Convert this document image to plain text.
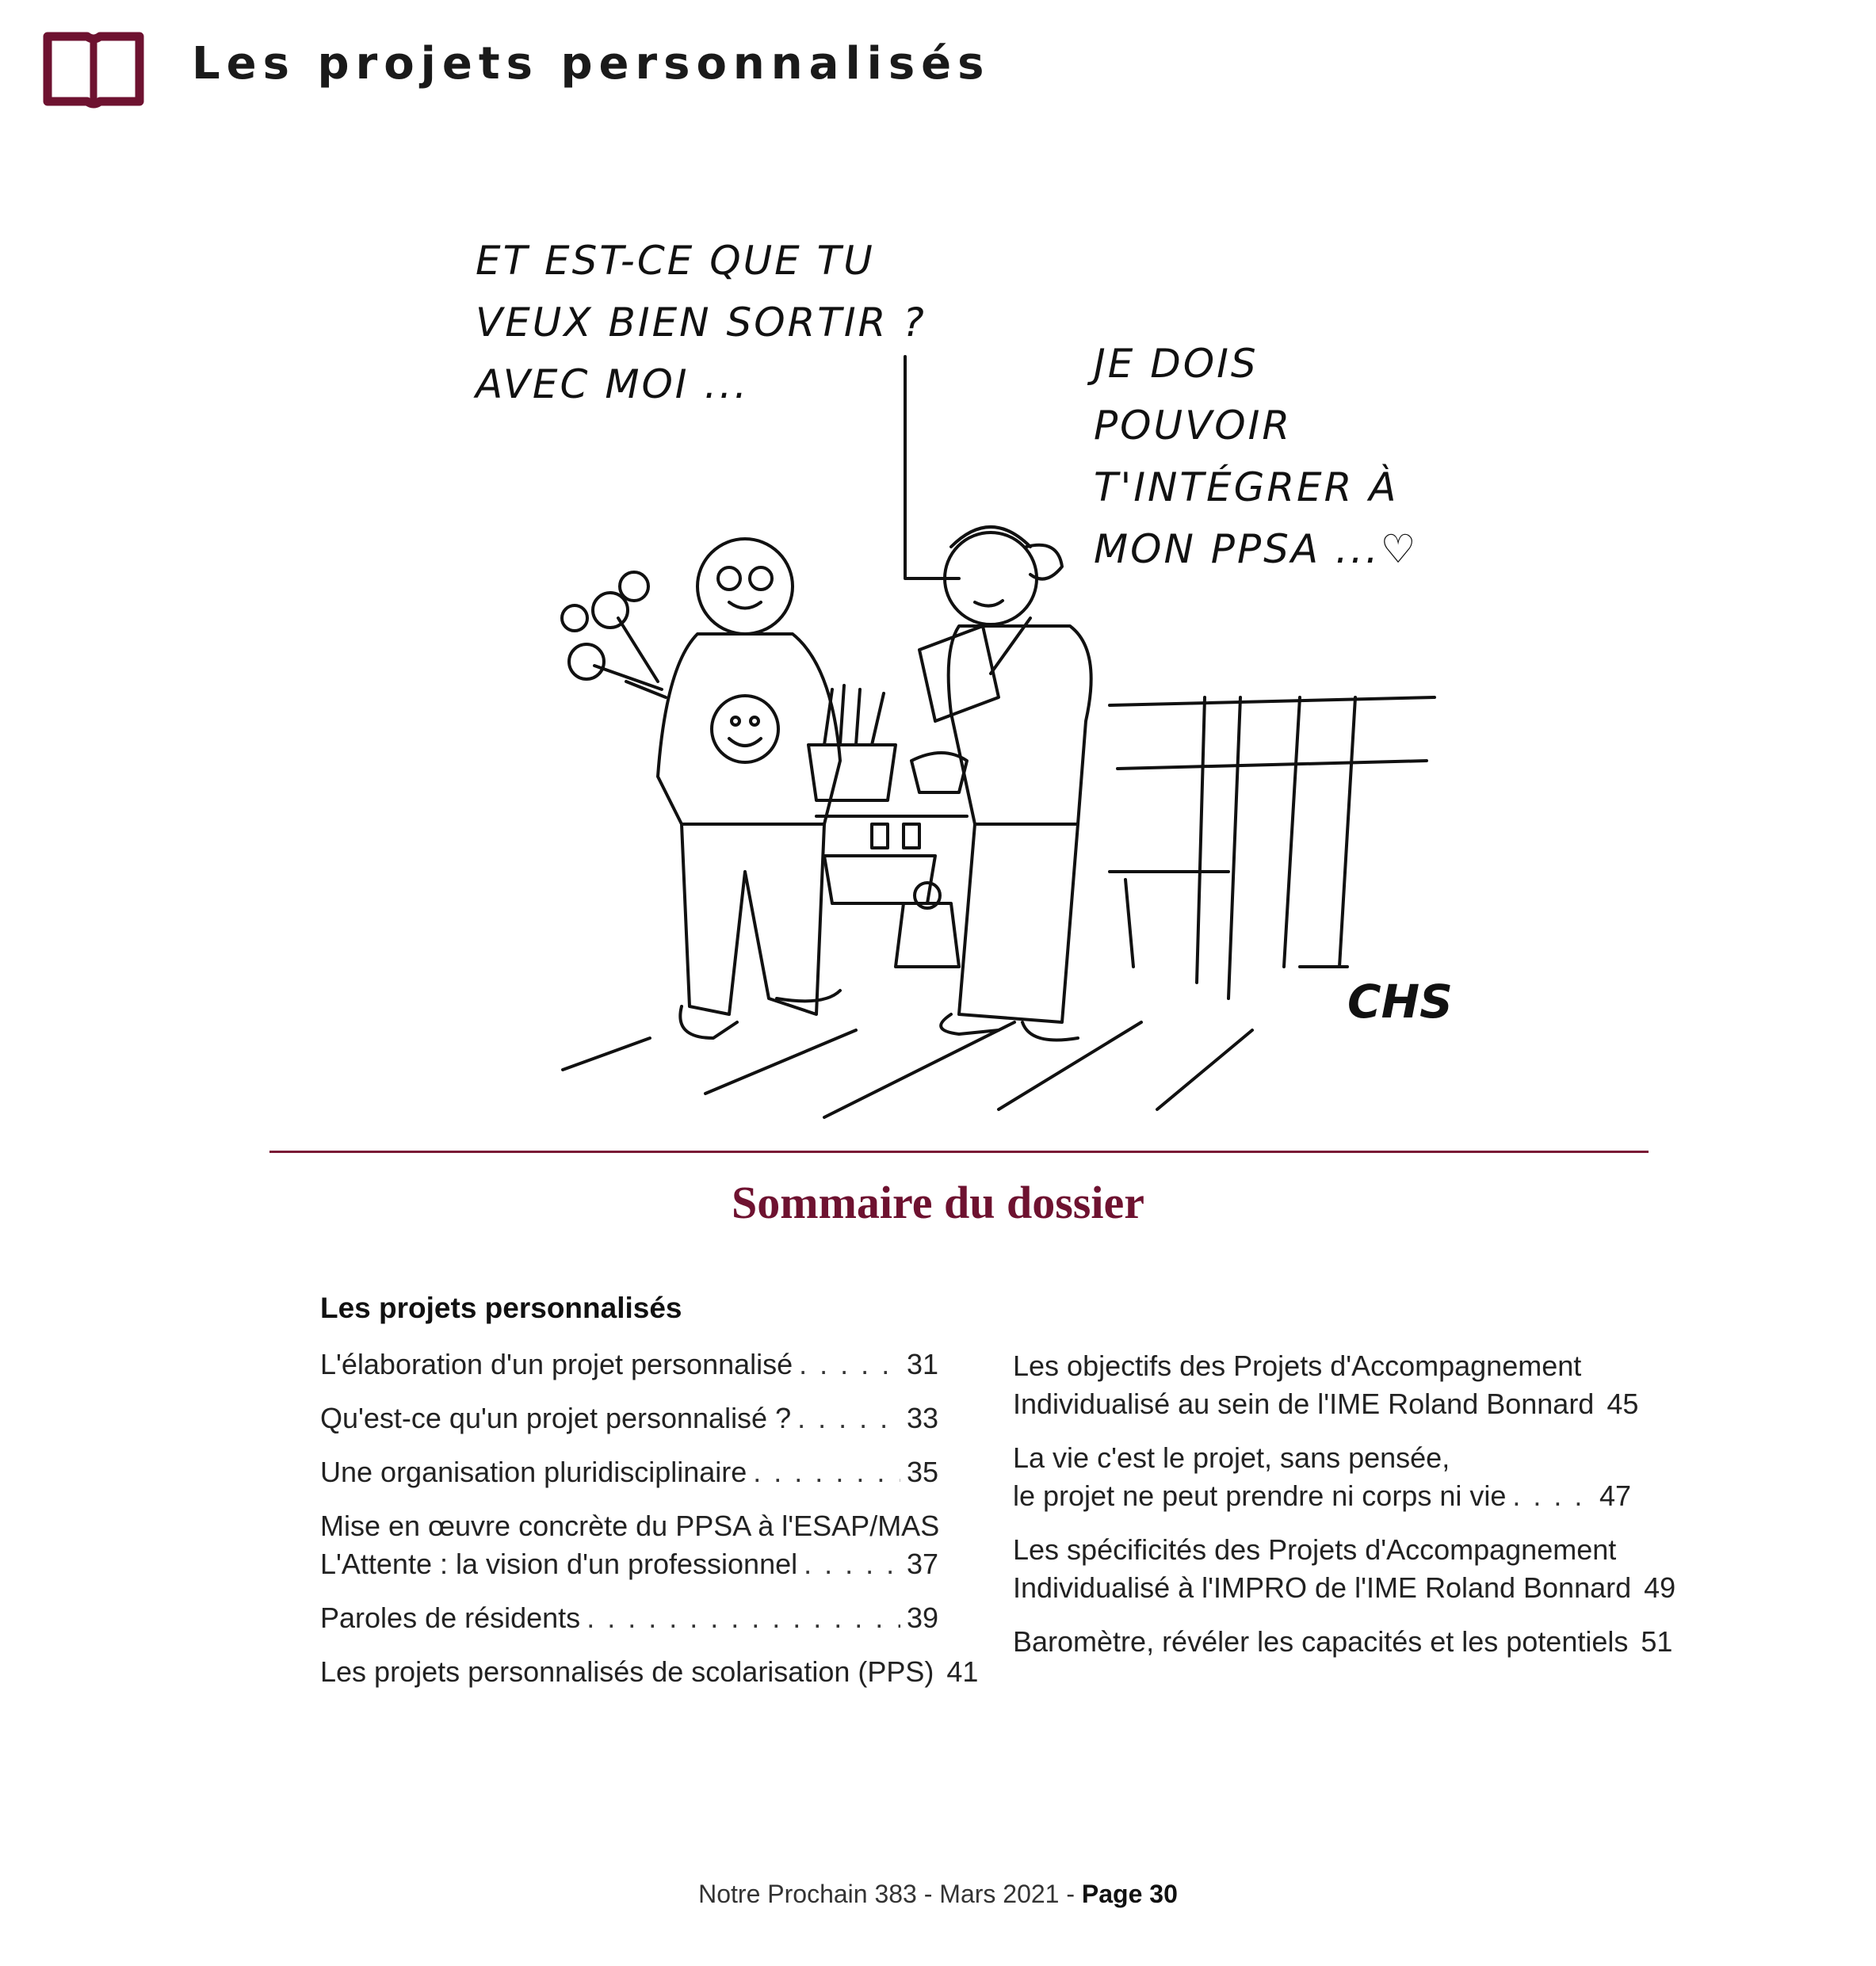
Les projets personnalisés
ET EST-CE QUE TU
VEUX BIEN SORTIR ?
AVEC MOI ...	JE DOIS POUVOIR
T'INTÉGRER À
MON PPSA ...♡
CHS
Sommaire du dossier
Les projets personnalisés
L'élaboration d'un projet personnalisé . . .	31
Qu'est-ce qu'un projet personnalisé ? . . .	33
Une organisation pluridisciplinaire . . .	35
Mise en œuvre concrète du PPSA à l'ESAP/MAS
L'Attente : la vision d'un professionnel . . .	37
Paroles de résidents . . .	39
Les projets personnalisés de scolarisation (PPS) 41
Les objectifs des Projets d'Accompagnement
Individualisé au sein de l'IME Roland Bonnard 45
La vie c'est le projet, sans pensée,
le projet ne peut prendre ni corps ni vie . . .	47
Les spécificités des Projets d'Accompagnement
Individualisé à l'IMPRO de l'IME Roland Bonnard 49
Baromètre, révéler les capacités et les potentiels 51
Notre Prochain 383 - Mars 2021 - Page 30
